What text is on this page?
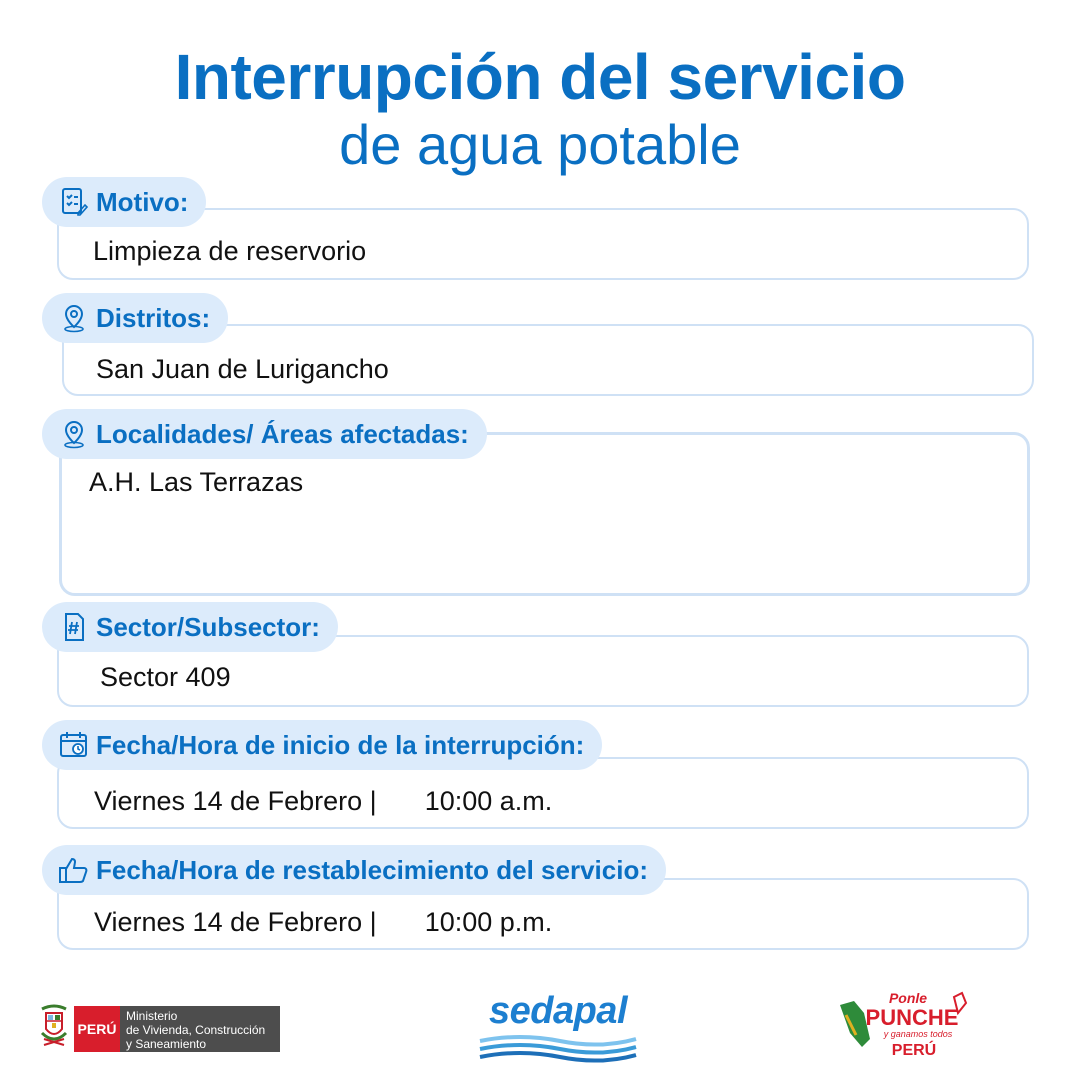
Interrupción del servicio
de agua potable
Limpieza de reservorio
Motivo:
San Juan de Lurigancho
Distritos:
A.H. Las Terrazas
Localidades/ Áreas afectadas:
Sector 409
Sector/Subsector:
Viernes 14 de Febrero | 10:00 a.m.
Fecha/Hora de inicio de la interrupción:
Viernes 14 de Febrero | 10:00 p.m.
Fecha/Hora de restablecimiento del servicio:
PERÚ
Ministerio
de Vivienda, Construcción
y Saneamiento
sedapal	Ponle
PUNCHE
y ganamos todos
PERÚ
